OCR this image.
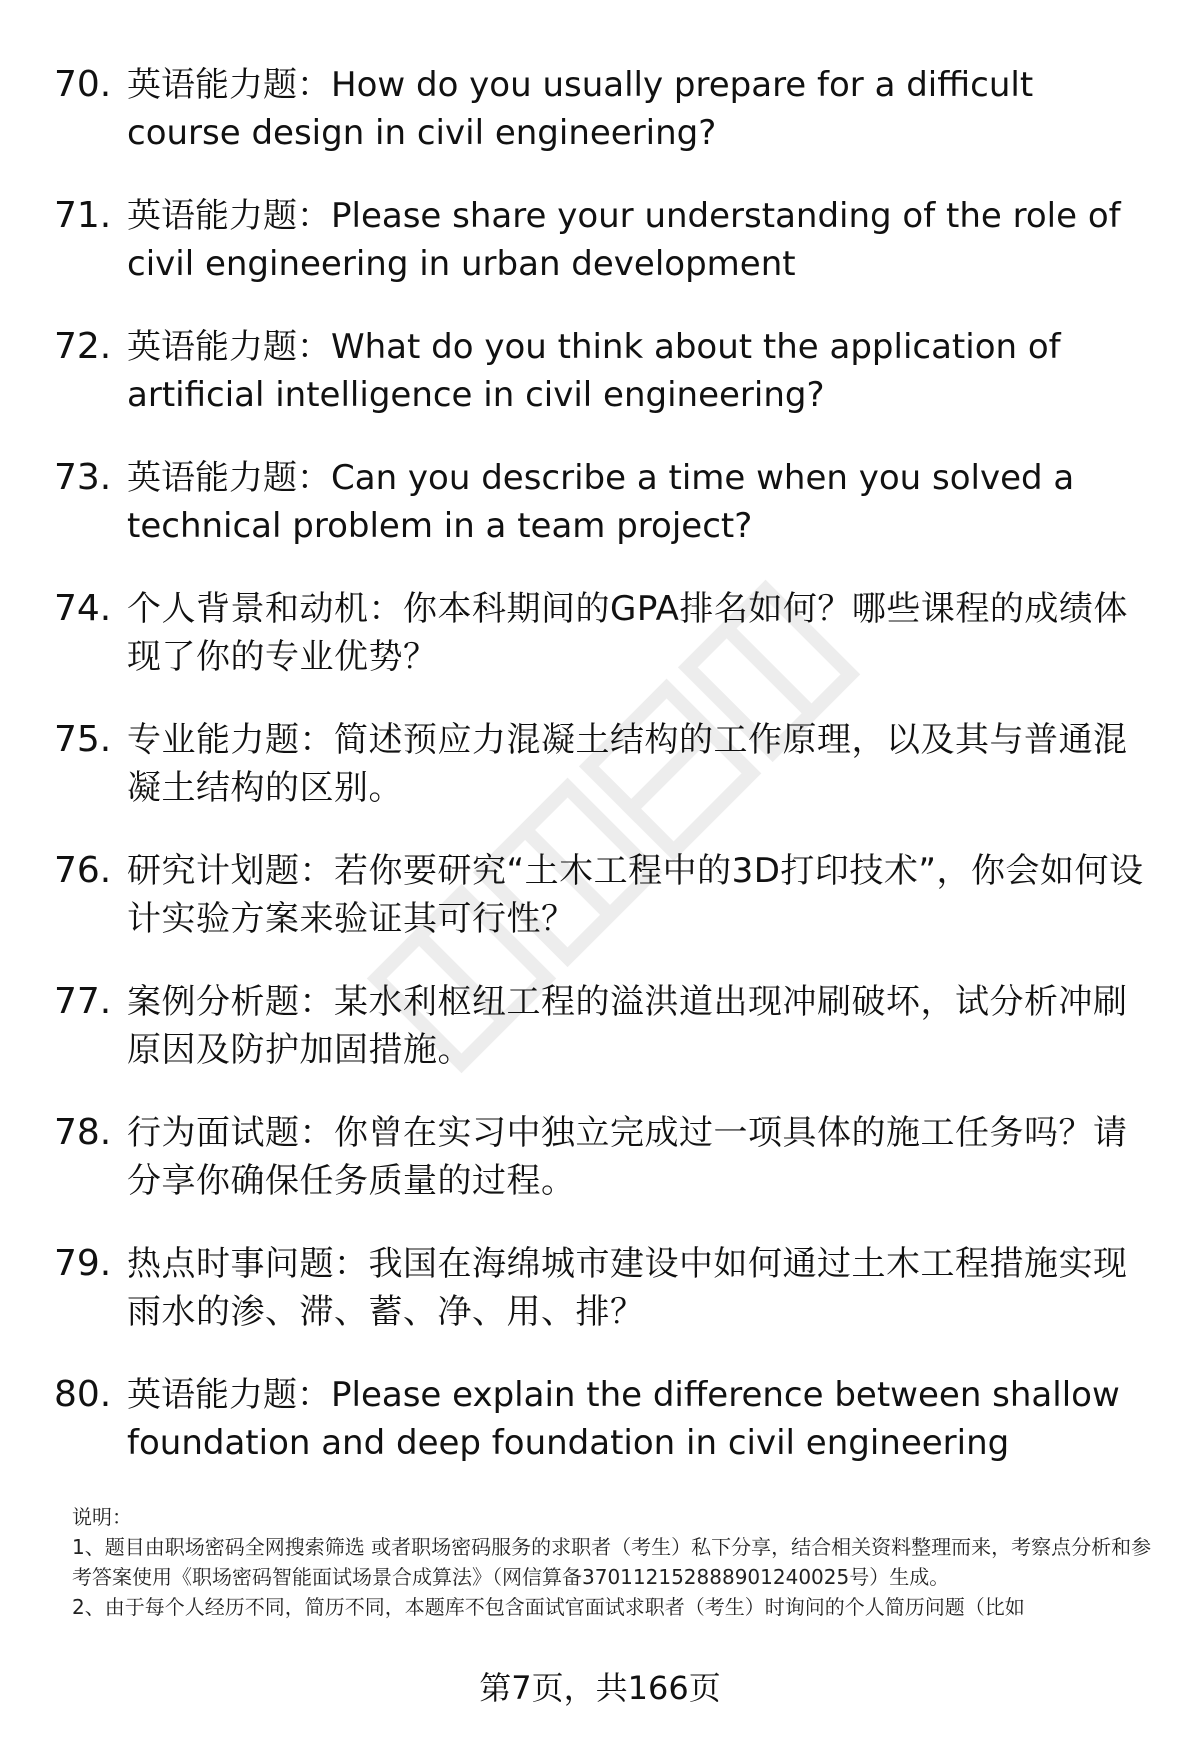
70. 英语能力题：How do you usually prepare for a difficult course design in civil engineering?
71. 英语能力题：Please share your understanding of the role of civil engineering in urban development
72. 英语能力题：What do you think about the application of artificial intelligence in civil engineering?
73. 英语能力题：Can you describe a time when you solved a technical problem in a team project?
74. 个人背景和动机：你本科期间的GPA排名如何？哪些课程的成绩体现了你的专业优势？
75. 专业能力题：简述预应力混凝土结构的工作原理，以及其与普通混凝土结构的区别。
76. 研究计划题：若你要研究“土木工程中的3D打印技术”，你会如何设计实验方案来验证其可行性？
77. 案例分析题：某水利枢纽工程的溢洪道出现冲刷破坏，试分析冲刷原因及防护加固措施。
78. 行为面试题：你曾在实习中独立完成过一项具体的施工任务吗？请分享你确保任务质量的过程。
79. 热点时事问题：我国在海绵城市建设中如何通过土木工程措施实现雨水的渗、滞、蓄、净、用、排？
80. 英语能力题：Please explain the difference between shallow foundation and deep foundation in civil engineering

说明：

1、题目由职场密码全网搜索筛选 或者职场密码服务的求职者（考生）私下分享，结合相关资料整理而来，考察点分析和参考答案使用《职场密码智能面试场景合成算法》（网信算备370112152888901240025号）生成。

2、由于每个人经历不同，简历不同，本题库不包含面试官面试求职者（考生）时询问的个人简历问题（比如

第7页，共166页
